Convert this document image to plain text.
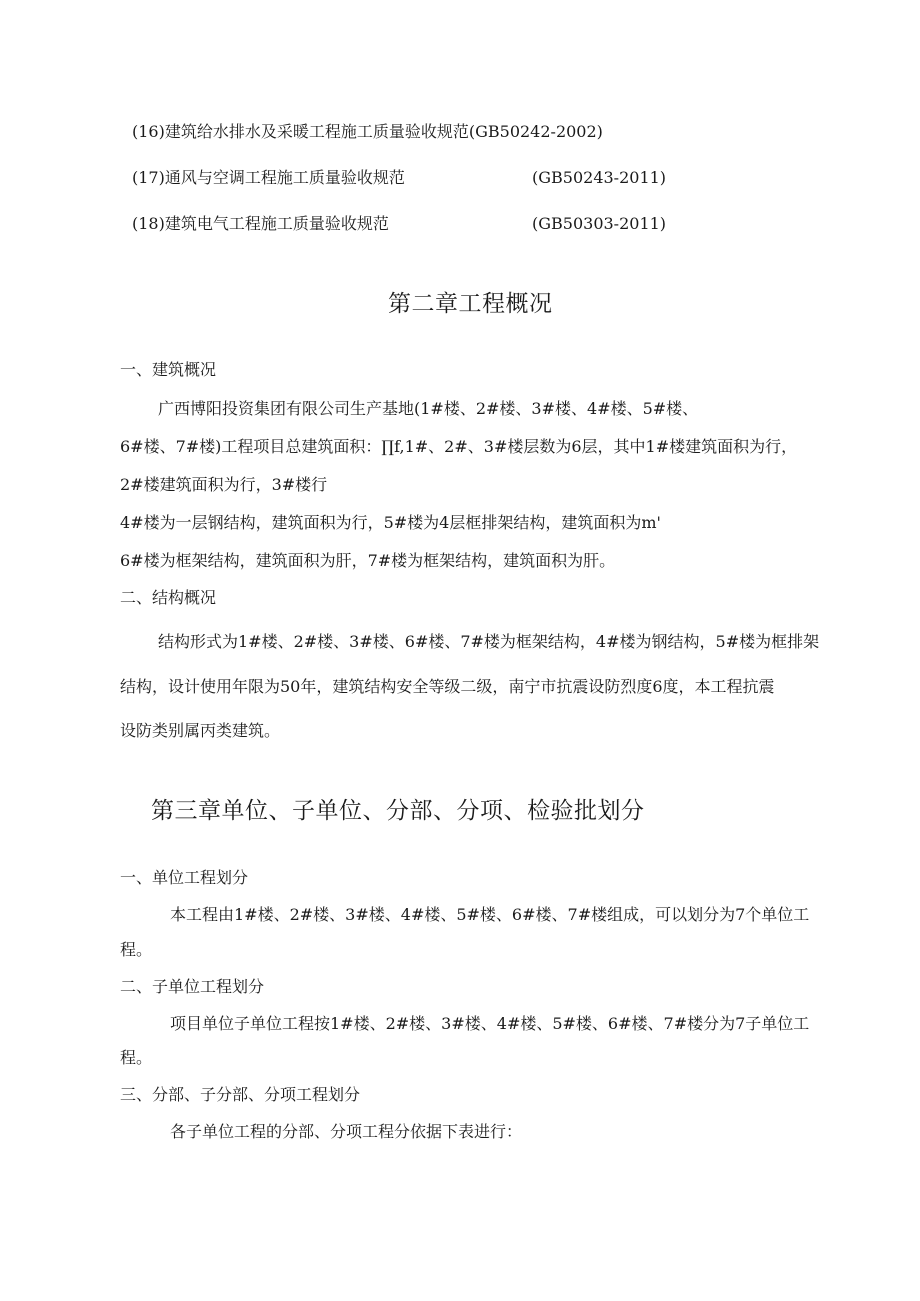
(16)建筑给水排水及采暖工程施工质量验收规范(GB50242-2002)
(17)通风与空调工程施工质量验收规范	(GB50243-2011)
(18)建筑电气工程施工质量验收规范	(GB50303-2011)
第二章工程概况
一、建筑概况
广西博阳投资集团有限公司生产基地(1#楼、2#楼、3#楼、4#楼、5#楼、
6#楼、7#楼)工程项目总建筑面积：∏f,1#、2#、3#楼层数为6层，其中1#楼建筑面积为行，
2#楼建筑面积为行，3#楼行
4#楼为一层钢结构，建筑面积为行，5#楼为4层框排架结构，建筑面积为m'
6#楼为框架结构，建筑面积为肝，7#楼为框架结构，建筑面积为肝。
二、结构概况
结构形式为1#楼、2#楼、3#楼、6#楼、7#楼为框架结构，4#楼为钢结构，5#楼为框排架
结构，设计使用年限为50年，建筑结构安全等级二级，南宁市抗震设防烈度6度，本工程抗震
设防类别属丙类建筑。
第三章单位、子单位、分部、分项、检验批划分
一、单位工程划分
本工程由1#楼、2#楼、3#楼、4#楼、5#楼、6#楼、7#楼组成，可以划分为7个单位工
程。
二、子单位工程划分
项目单位子单位工程按1#楼、2#楼、3#楼、4#楼、5#楼、6#楼、7#楼分为7子单位工
程。
三、分部、子分部、分项工程划分
各子单位工程的分部、分项工程分依据下表进行：
